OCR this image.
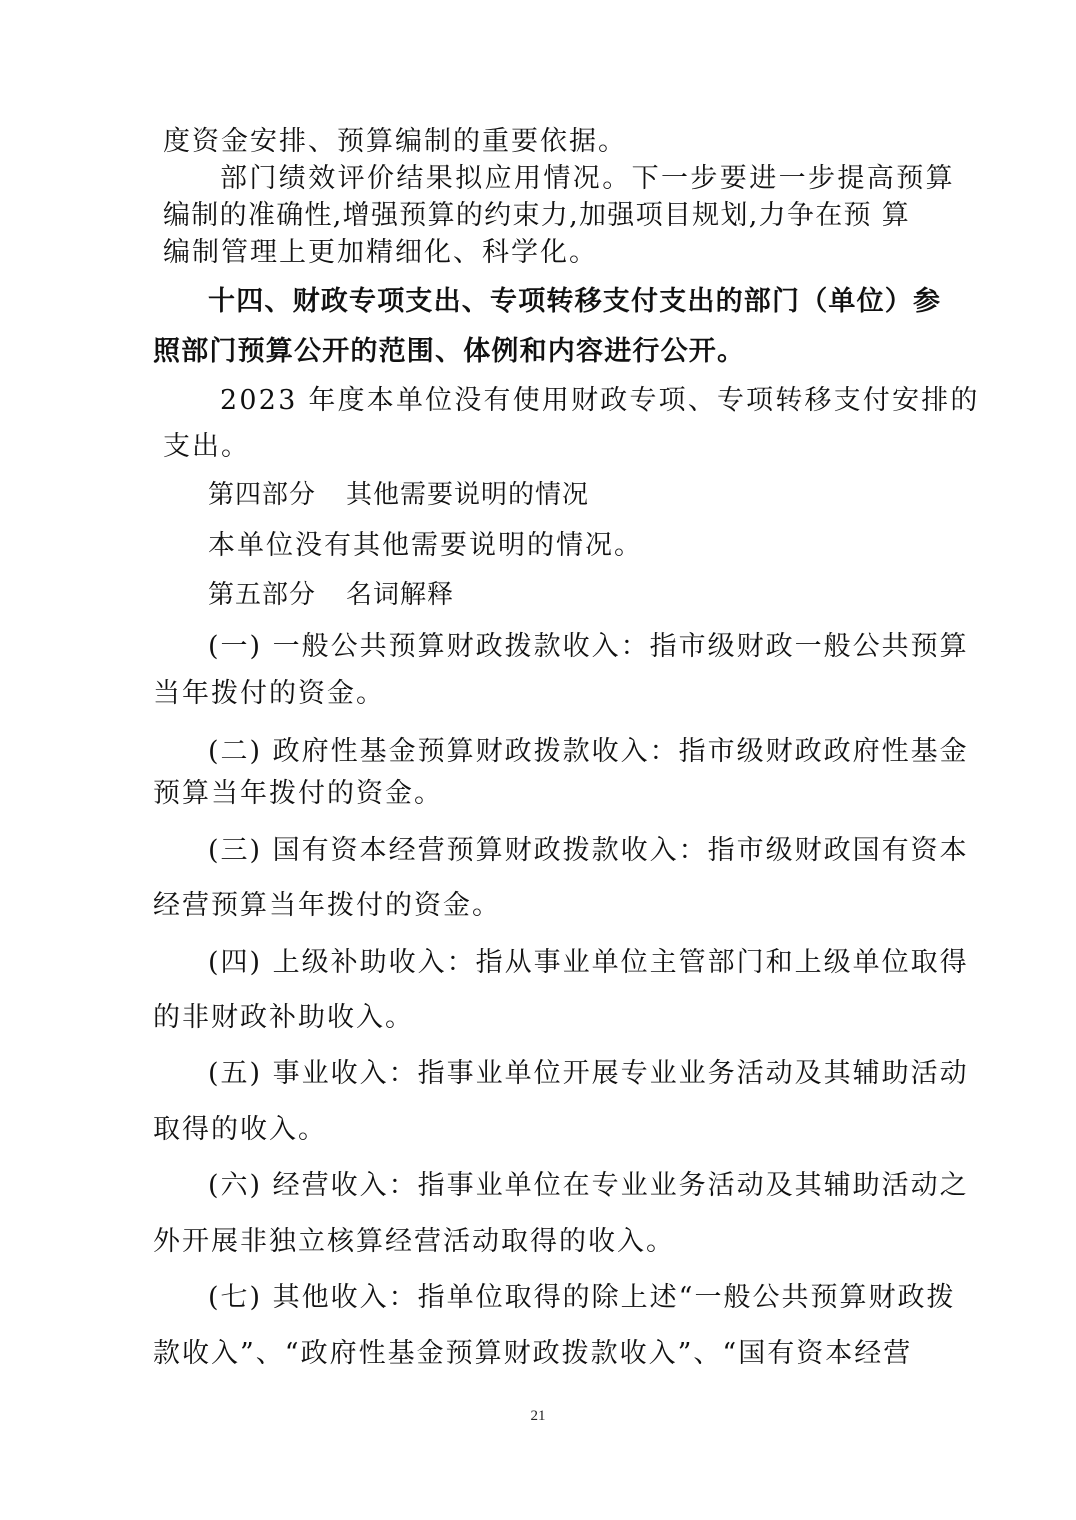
度资金安排、预算编制的重要依据。
部门绩效评价结果拟应用情况。下一步要进一步提高预算
编制的准确性,增强预算的约束力,加强项目规划,力争在预 算
编制管理上更加精细化、科学化。
十四、财政专项支出、专项转移支付支出的部门（单位）参
照部门预算公开的范围、体例和内容进行公开。
2023 年度本单位没有使用财政专项、专项转移支付安排的
支出。
第四部分 其他需要说明的情况
本单位没有其他需要说明的情况。
第五部分 名词解释
(一) 一般公共预算财政拨款收入：指市级财政一般公共预算
当年拨付的资金。
(二) 政府性基金预算财政拨款收入：指市级财政政府性基金
预算当年拨付的资金。
(三) 国有资本经营预算财政拨款收入：指市级财政国有资本
经营预算当年拨付的资金。
(四) 上级补助收入：指从事业单位主管部门和上级单位取得
的非财政补助收入。
(五) 事业收入：指事业单位开展专业业务活动及其辅助活动
取得的收入。
(六) 经营收入：指事业单位在专业业务活动及其辅助活动之
外开展非独立核算经营活动取得的收入。
(七) 其他收入：指单位取得的除上述“一般公共预算财政拨
款收入”、“政府性基金预算财政拨款收入”、“国有资本经营
21
